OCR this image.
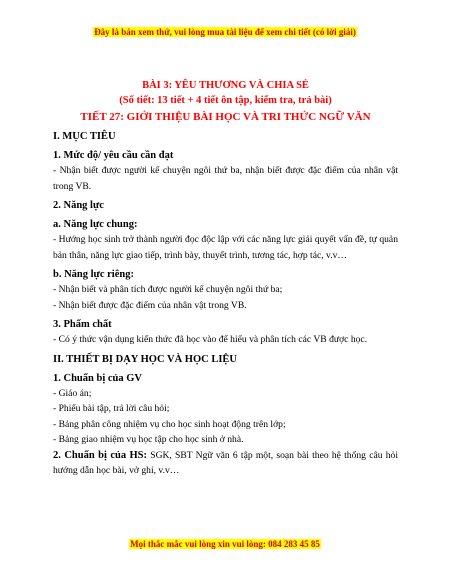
Đây là bản xem thử, vui lòng mua tài liệu để xem chi tiết (có lời giải)
BÀI 3: YÊU THƯƠNG VÀ CHIA SẺ
(Số tiết: 13 tiết + 4 tiết ôn tập, kiểm tra, trả bài)
TIẾT 27: GIỚI THIỆU BÀI HỌC VÀ TRI THỨC NGỮ VĂN
I. MỤC TIÊU
1. Mức độ/ yêu cầu cần đạt
- Nhận biết được người kể chuyện ngôi thứ ba, nhận biết được đặc điểm của nhân vật trong VB.
2. Năng lực
a. Năng lực chung:
- Hướng học sinh trở thành người đọc độc lập với các năng lực giải quyết vấn đề, tự quản bản thân, năng lực giao tiếp, trình bày, thuyết trình, tương tác, hợp tác, v.v…
b. Năng lực riêng:
- Nhận biết và phân tích được người kể chuyện ngôi thứ ba;
- Nhận biết được đặc điểm của nhân vật trong VB.
3. Phẩm chất
- Có ý thức vận dụng kiến thức đã học vào để hiểu và phân tích các VB được học.
II. THIẾT BỊ DẠY HỌC VÀ HỌC LIỆU
1. Chuẩn bị của GV
- Giáo án;
- Phiếu bài tập, trả lời câu hỏi;
- Bảng phân công nhiệm vụ cho học sinh hoạt động trên lớp;
- Bảng giao nhiệm vụ học tập cho học sinh ở nhà.
2. Chuẩn bị của HS: SGK, SBT Ngữ văn 6 tập một, soạn bài theo hệ thống câu hỏi hướng dẫn học bài, vở ghi, v.v…
Mọi thắc mắc vui lòng xin vui lòng: 084 283 45 85
